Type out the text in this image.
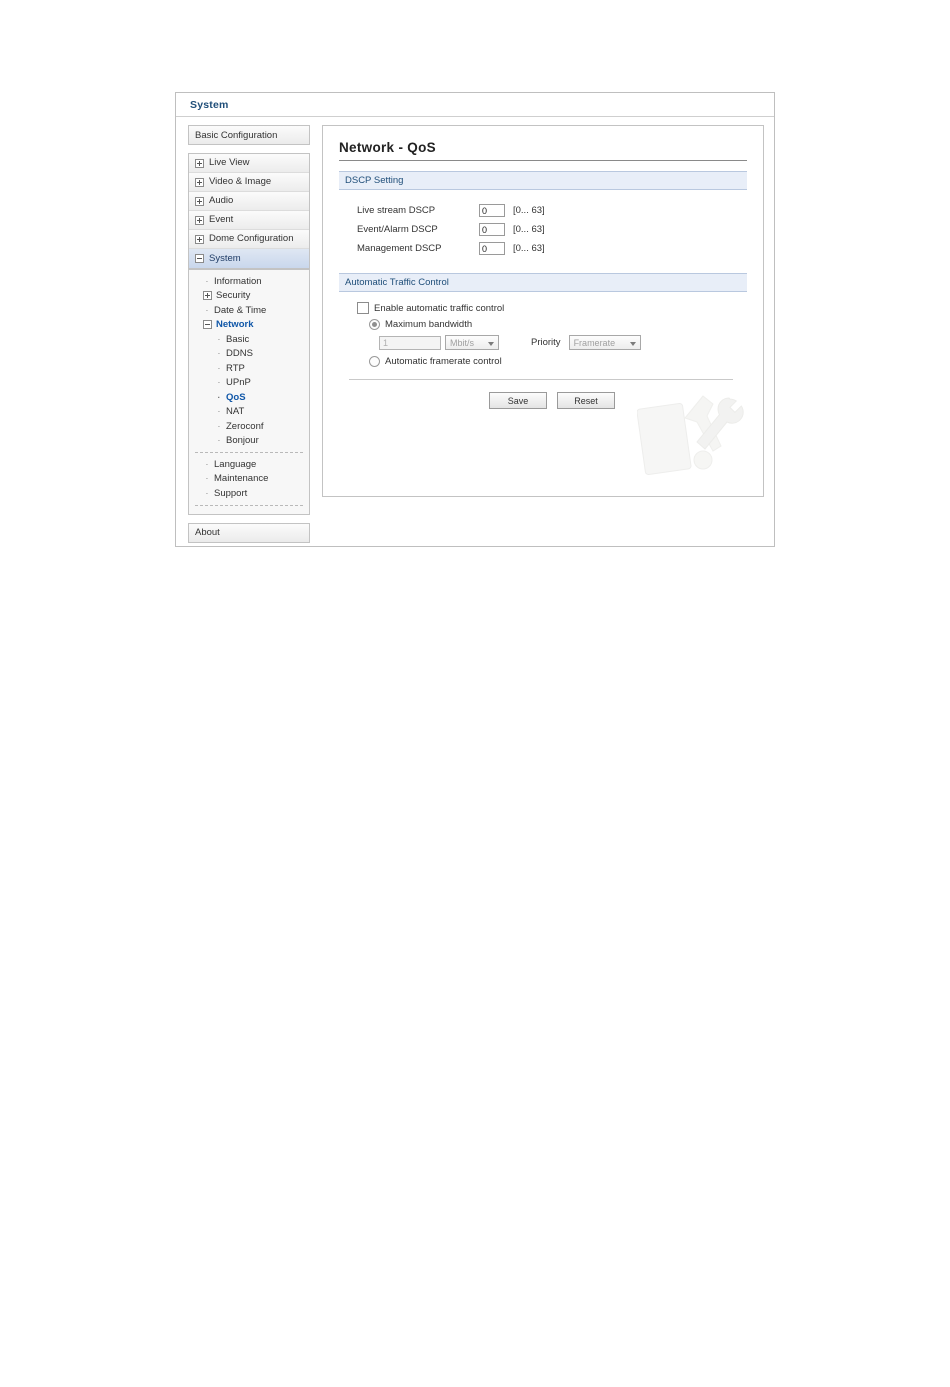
System
Basic Configuration
Live View
Video & Image
Audio
Event
Dome Configuration
System
· Information
Security
· Date & Time
Network
· Basic
· DDNS
· RTP
· UPnP
· QoS
· NAT
· Zeroconf
· Bonjour
· Language
· Maintenance
· Support
About
Network - QoS
DSCP Setting
Live stream DSCP
0	[0... 63]
Event/Alarm DSCP
0	[0... 63]
Management DSCP
0	[0... 63]
Automatic Traffic Control
Enable automatic traffic control
Maximum bandwidth
1
Mbit/s	Priority Framerate
Automatic framerate control
Save	Reset
